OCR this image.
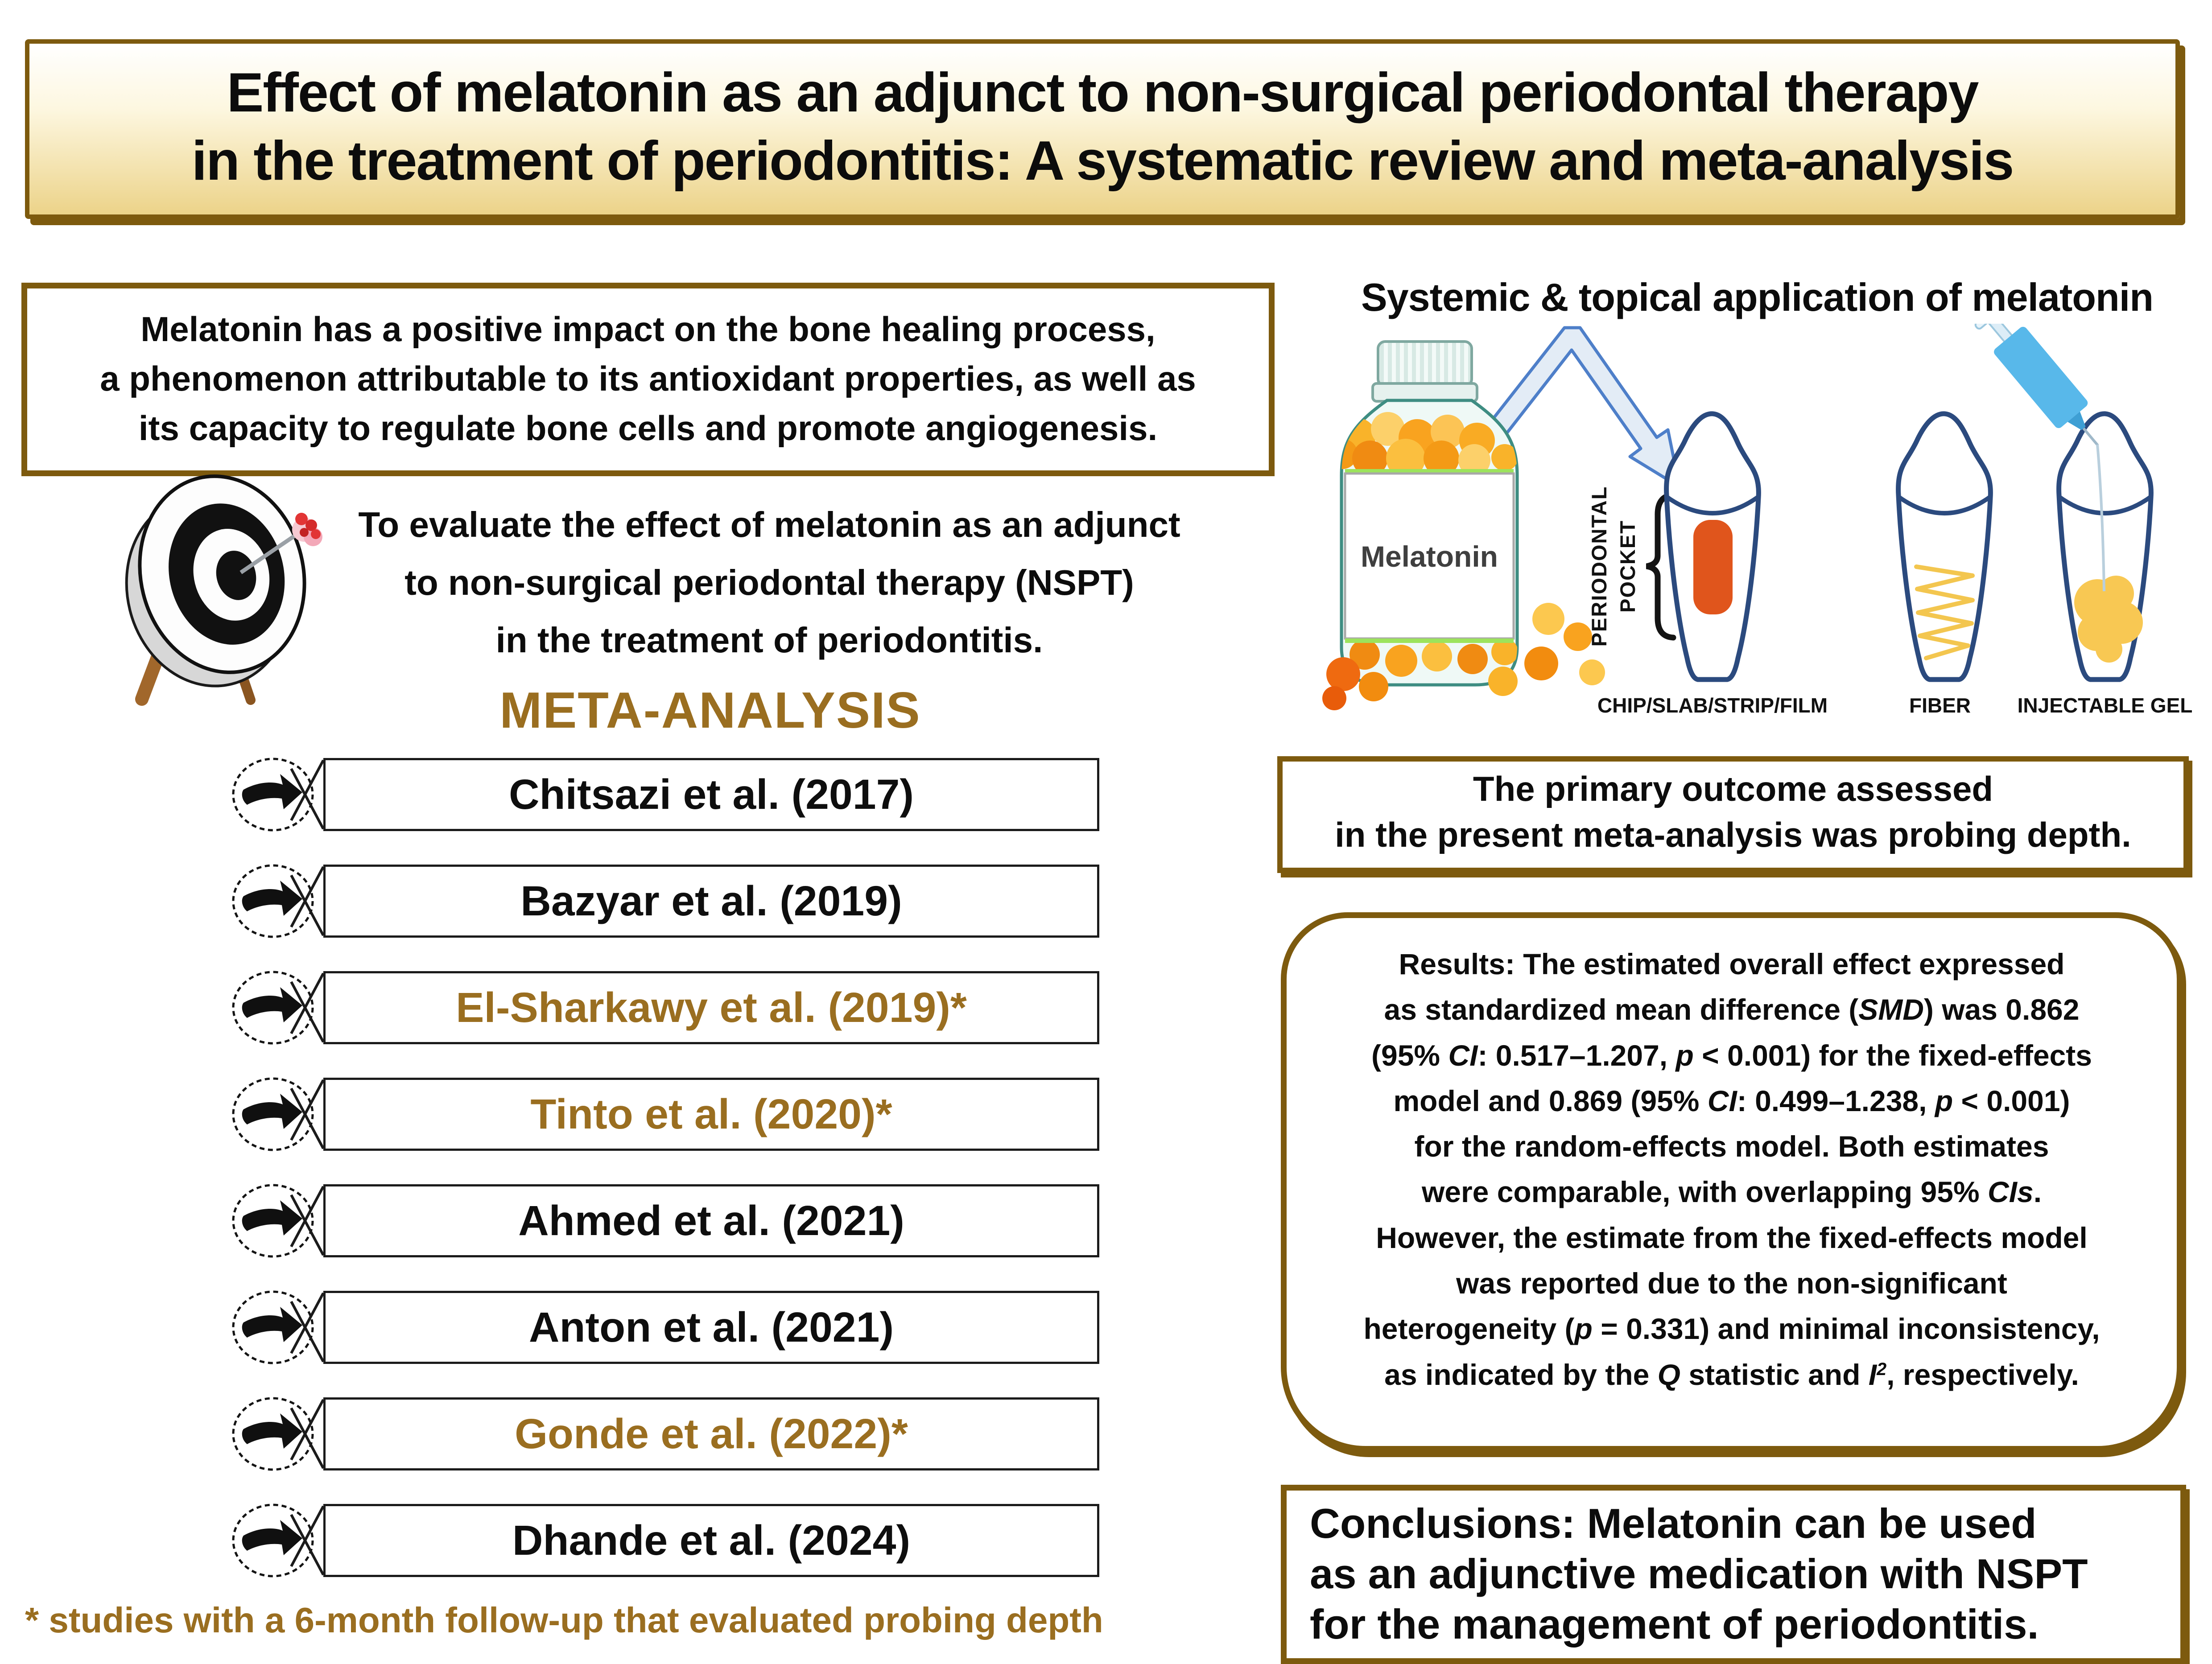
Effect of melatonin as an adjunct to non-surgical periodontal therapy
in the treatment of periodontitis: A systematic review and meta-analysis
Melatonin has a positive impact on the bone healing process,
a phenomenon attributable to its antioxidant properties, as well as
its capacity to regulate bone cells and promote angiogenesis.
To evaluate the effect of melatonin as an adjunct
to non-surgical periodontal therapy (NSPT)
in the treatment of periodontitis.
META-ANALYSIS
Chitsazi et al. (2017)
Bazyar et al. (2019)
El-Sharkawy et al. (2019)*
Tinto et al. (2020)*
Ahmed et al. (2021)
Anton et al. (2021)
Gonde et al. (2022)*
Dhande et al. (2024)
* studies with a 6-month follow-up that evaluated probing depth
Systemic & topical application of melatonin
Melatonin	PERIODONTAL POCKET
CHIP/SLAB/STRIP/FILM	FIBER INJECTABLE GEL
The primary outcome assessed
in the present meta-analysis was probing depth.
Results: The estimated overall effect expressed
as standardized mean difference (SMD) was 0.862
(95% CI: 0.517–1.207, p < 0.001) for the fixed-effects
model and 0.869 (95% CI: 0.499–1.238, p < 0.001)
for the random-effects model. Both estimates
were comparable, with overlapping 95% CIs.
However, the estimate from the fixed-effects model
was reported due to the non-significant
heterogeneity (p = 0.331) and minimal inconsistency,
as indicated by the Q statistic and $I^2$, respectively.
Conclusions: Melatonin can be used
as an adjunctive medication with NSPT
for the management of periodontitis.
